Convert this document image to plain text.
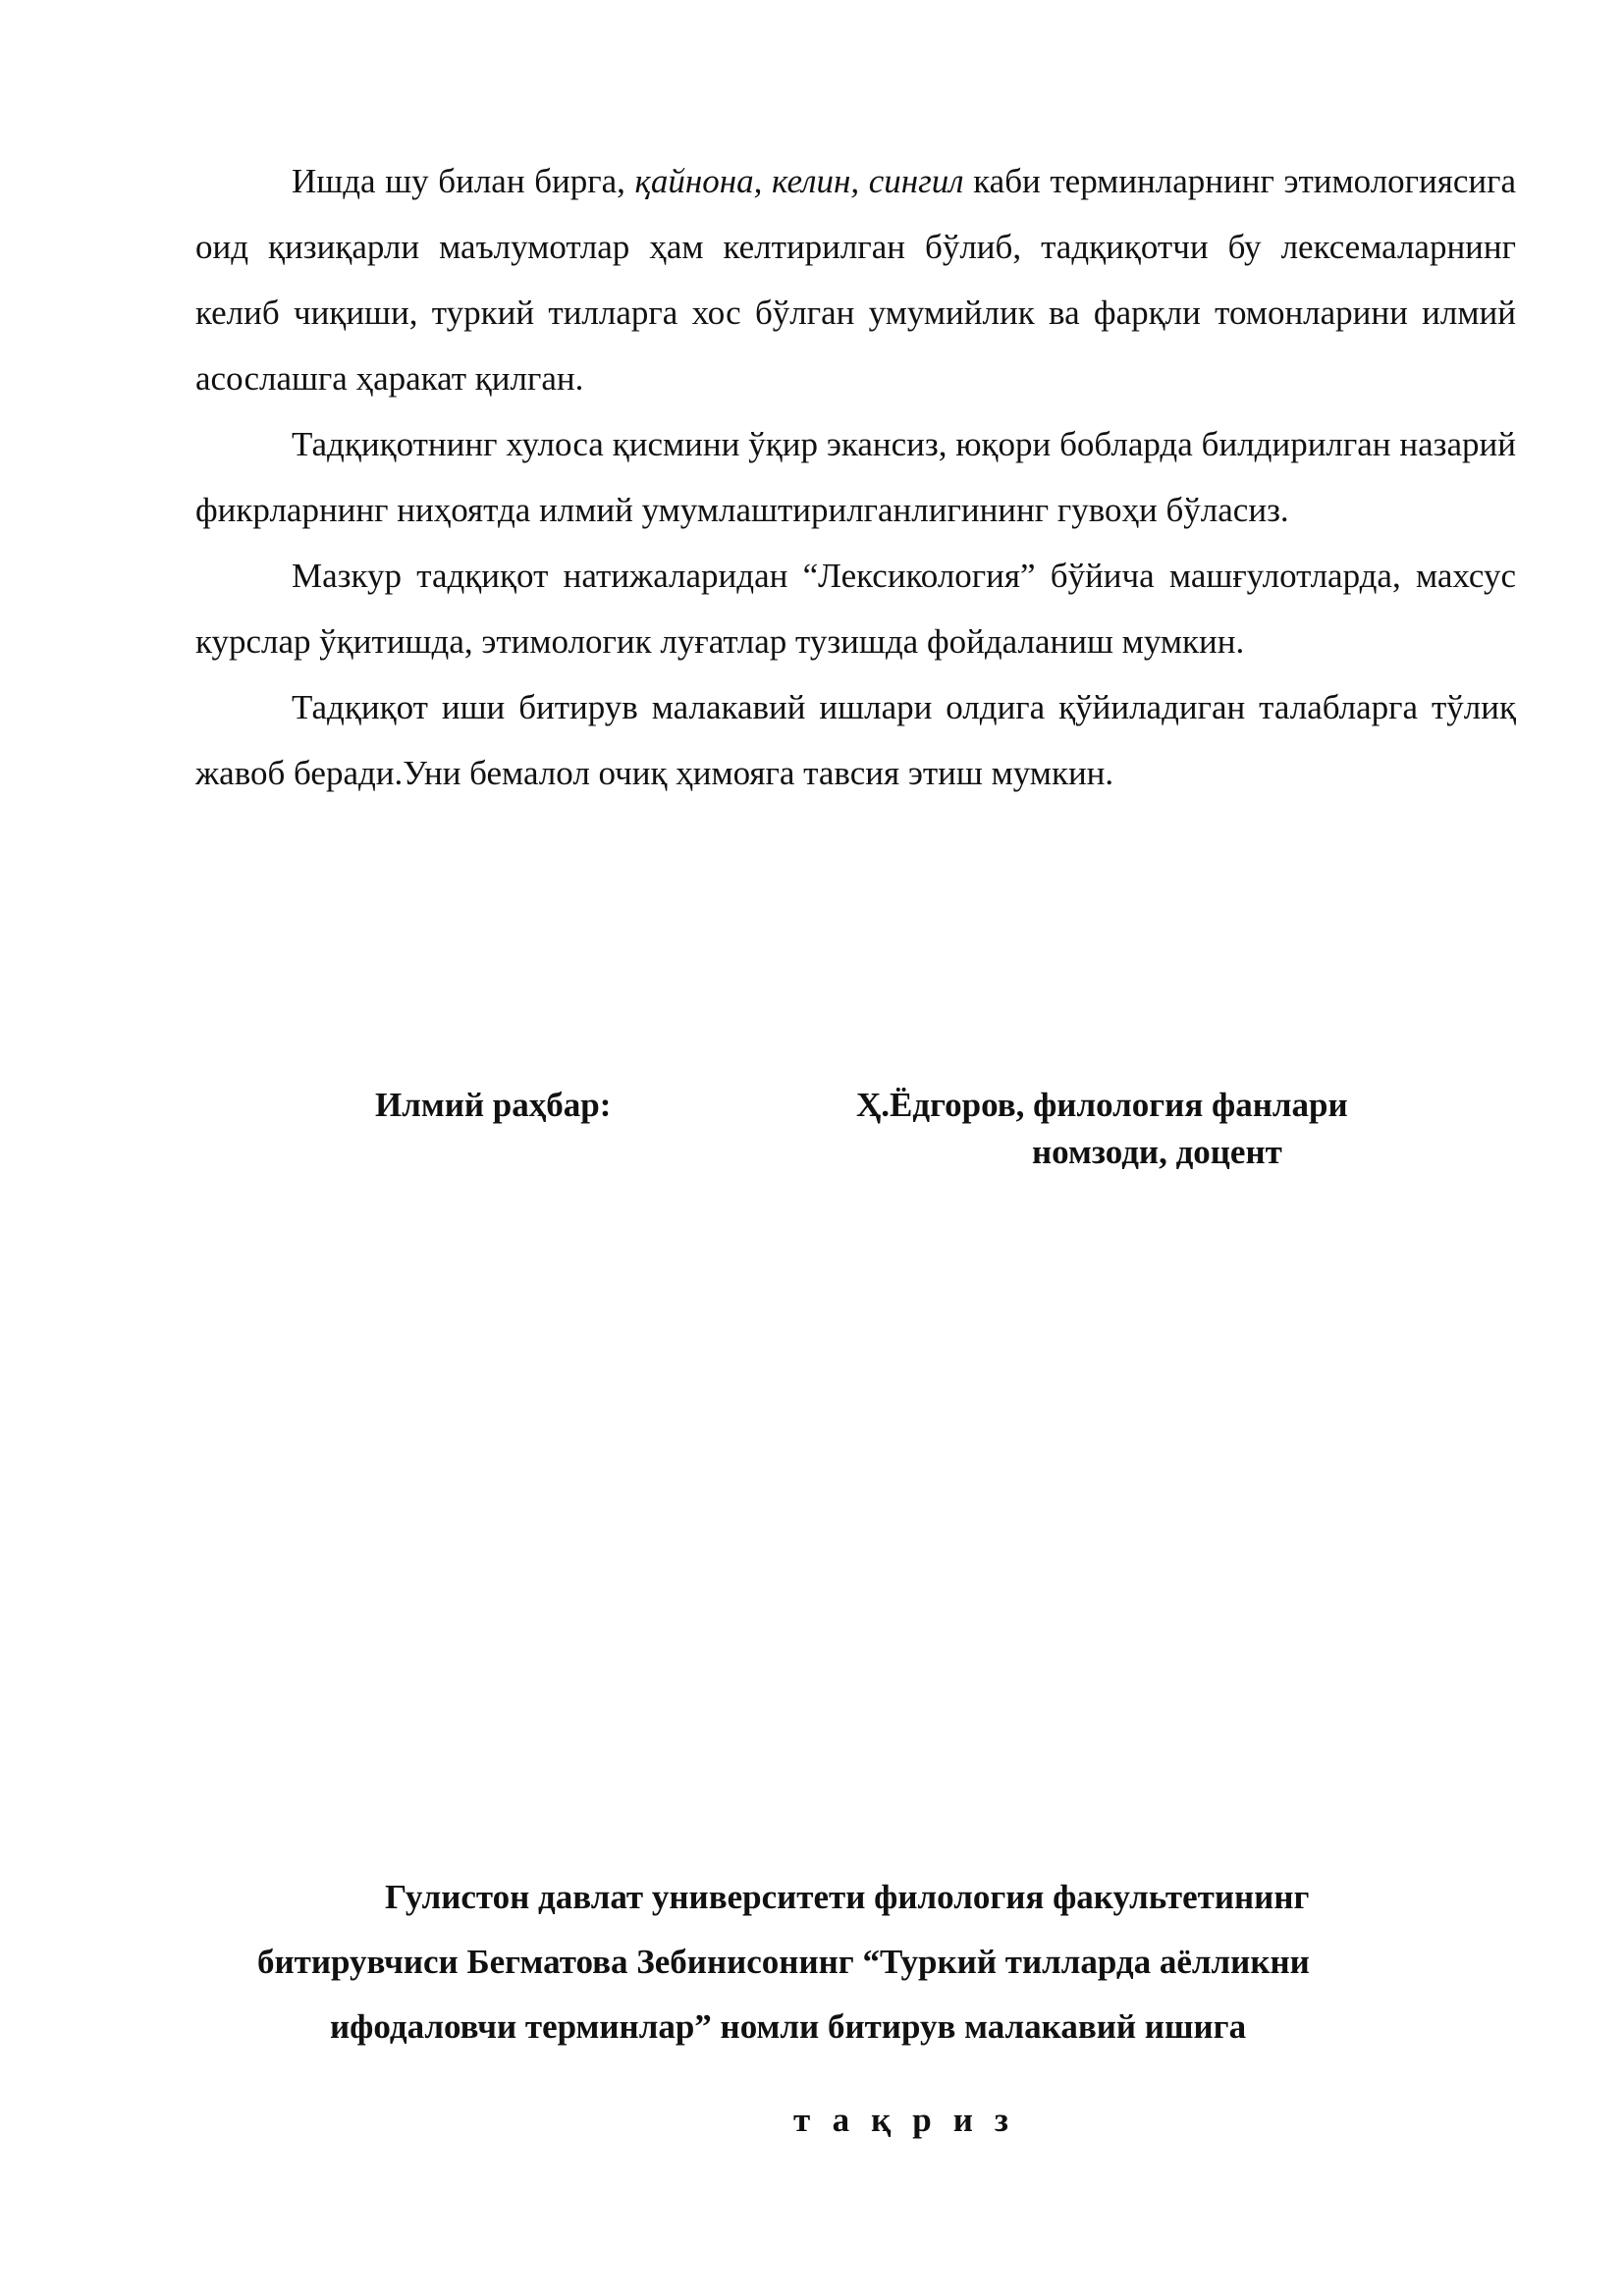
Ишда шу билан бирга, қайнона, келин, сингил каби терминларнинг этимологиясига оид қизиқарли маълумотлар ҳам келтирилган бўлиб, тадқиқотчи бу лексемаларнинг келиб чиқиши, туркий тилларга хос бўлган умумийлик ва фарқли томонларини илмий асослашга ҳаракат қилган.

Тадқиқотнинг хулоса қисмини ўқир экансиз, юқори бобларда билдирилган назарий фикрларнинг ниҳоятда илмий умумлаштирилганлигининг гувоҳи бўласиз.

Мазкур тадқиқот натижаларидан “Лексикология” бўйича машғулотларда, махсус курслар ўқитишда, этимологик луғатлар тузишда фойдаланиш мумкин.

Тадқиқот иши битирув малакавий ишлари олдига қўйиладиган талабларга тўлиқ жавоб беради.Уни бемалол очиқ ҳимояга тавсия этиш мумкин.

Илмий раҳбар:	Ҳ.Ёдгоров, филология фанлари
номзоди, доцент
Гулистон давлат университети филология факультетининг
битирувчиси Бегматова Зебинисонинг “Туркий тилларда аёлликни
ифодаловчи терминлар” номли битирув малакавий ишига
тақриз
